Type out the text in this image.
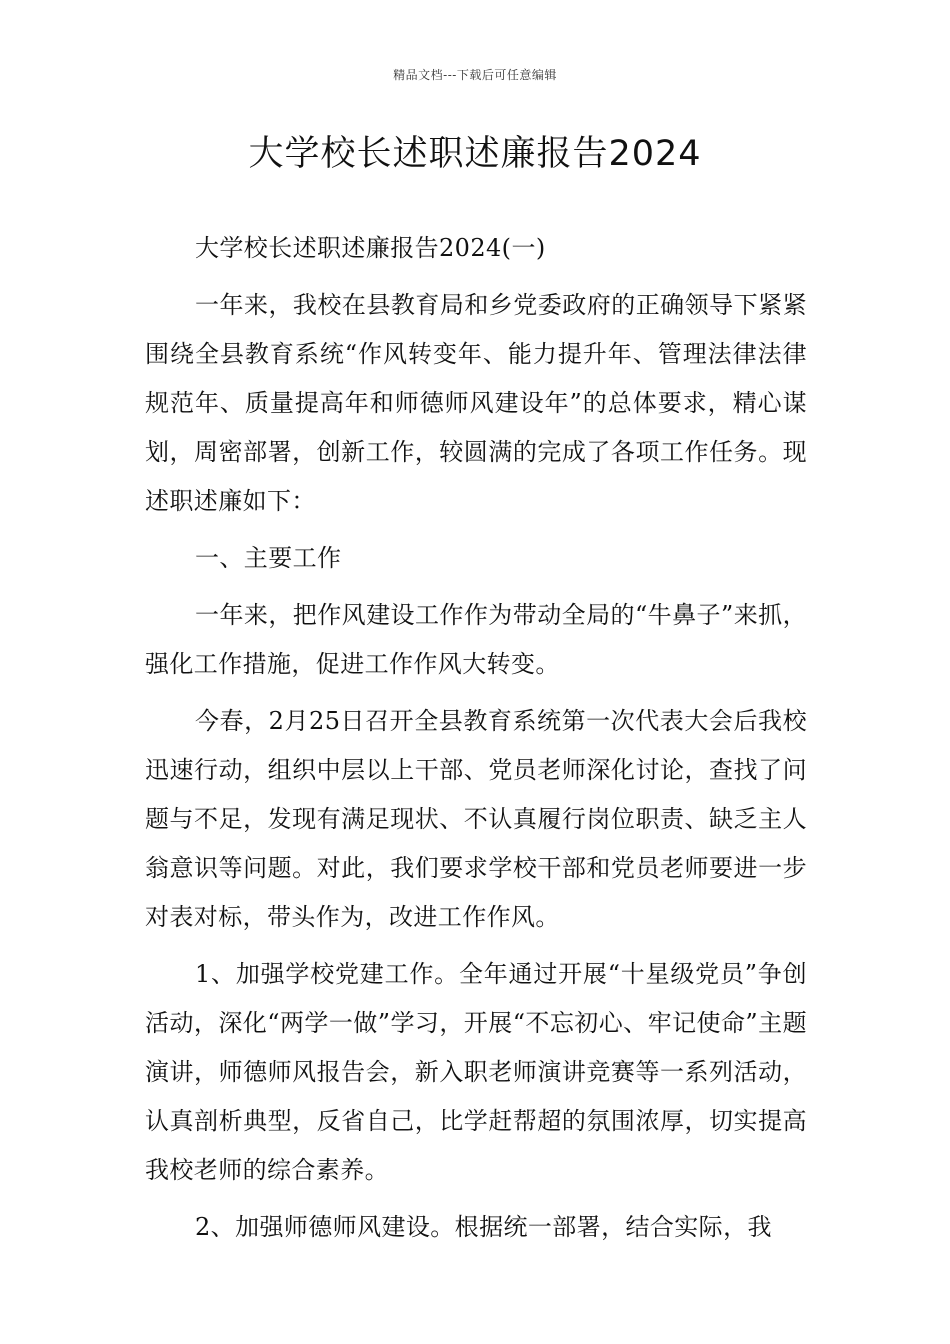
精品文档---下载后可任意编辑
大学校长述职述廉报告2024

大学校长述职述廉报告2024(一)

一年来，我校在县教育局和乡党委政府的正确领导下紧紧围绕全县教育系统“作风转变年、能力提升年、管理法律法律规范年、质量提高年和师德师风建设年”的总体要求，精心谋划，周密部署，创新工作，较圆满的完成了各项工作任务。现述职述廉如下：

一、主要工作

一年来，把作风建设工作作为带动全局的“牛鼻子”来抓，强化工作措施，促进工作作风大转变。

今春，2月25日召开全县教育系统第一次代表大会后我校迅速行动，组织中层以上干部、党员老师深化讨论，查找了问题与不足，发现有满足现状、不认真履行岗位职责、缺乏主人翁意识等问题。对此，我们要求学校干部和党员老师要进一步对表对标，带头作为，改进工作作风。

1、加强学校党建工作。全年通过开展“十星级党员”争创活动，深化“两学一做”学习，开展“不忘初心、牢记使命”主题演讲，师德师风报告会，新入职老师演讲竞赛等一系列活动，认真剖析典型，反省自己，比学赶帮超的氛围浓厚，切实提高我校老师的综合素养。

2、加强师德师风建设。根据统一部署，结合实际，我
